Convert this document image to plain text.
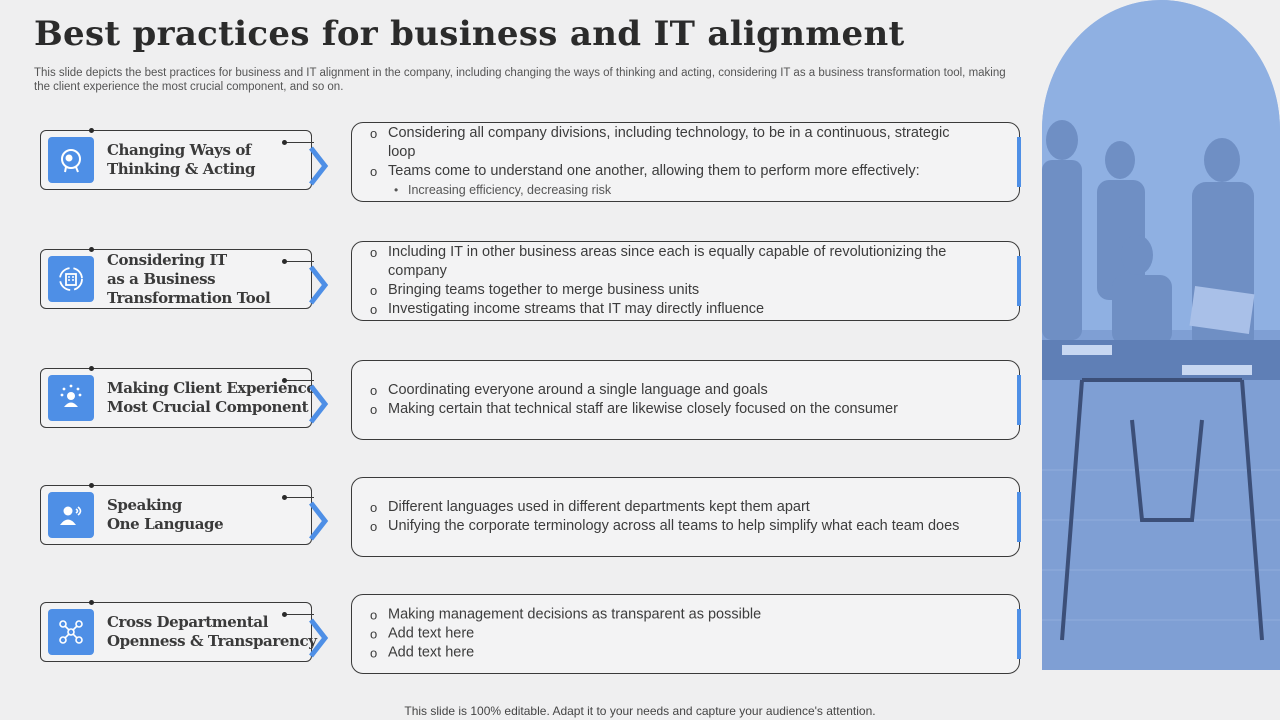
Best practices for business and IT alignment
This slide depicts the best practices for business and IT alignment in the company, including changing the ways of thinking and acting, considering IT as a business transformation tool, making the client experience the most crucial component, and so on.
Changing Ways of
Thinking & Acting
o Considering all company divisions, including technology, to be in a continuous, strategic loop
o Teams come to understand one another, allowing them to perform more effectively:
• Increasing efficiency, decreasing risk
Considering IT
as a Business
Transformation Tool
o Including IT in other business areas since each is equally capable of revolutionizing the company
o Bringing teams together to merge business units
o Investigating income streams that IT may directly influence
Making Client Experience
Most Crucial Component
o Coordinating everyone around a single language and goals
o Making certain that technical staff are likewise closely focused on the consumer
Speaking
One Language
o Different languages used in different departments kept them apart
o Unifying the corporate terminology across all teams to help simplify what each team does
Cross Departmental
Openness & Transparency
o Making management decisions as transparent as possible
o Add text here
o Add text here
This slide is 100% editable. Adapt it to your needs and capture your audience's attention.
